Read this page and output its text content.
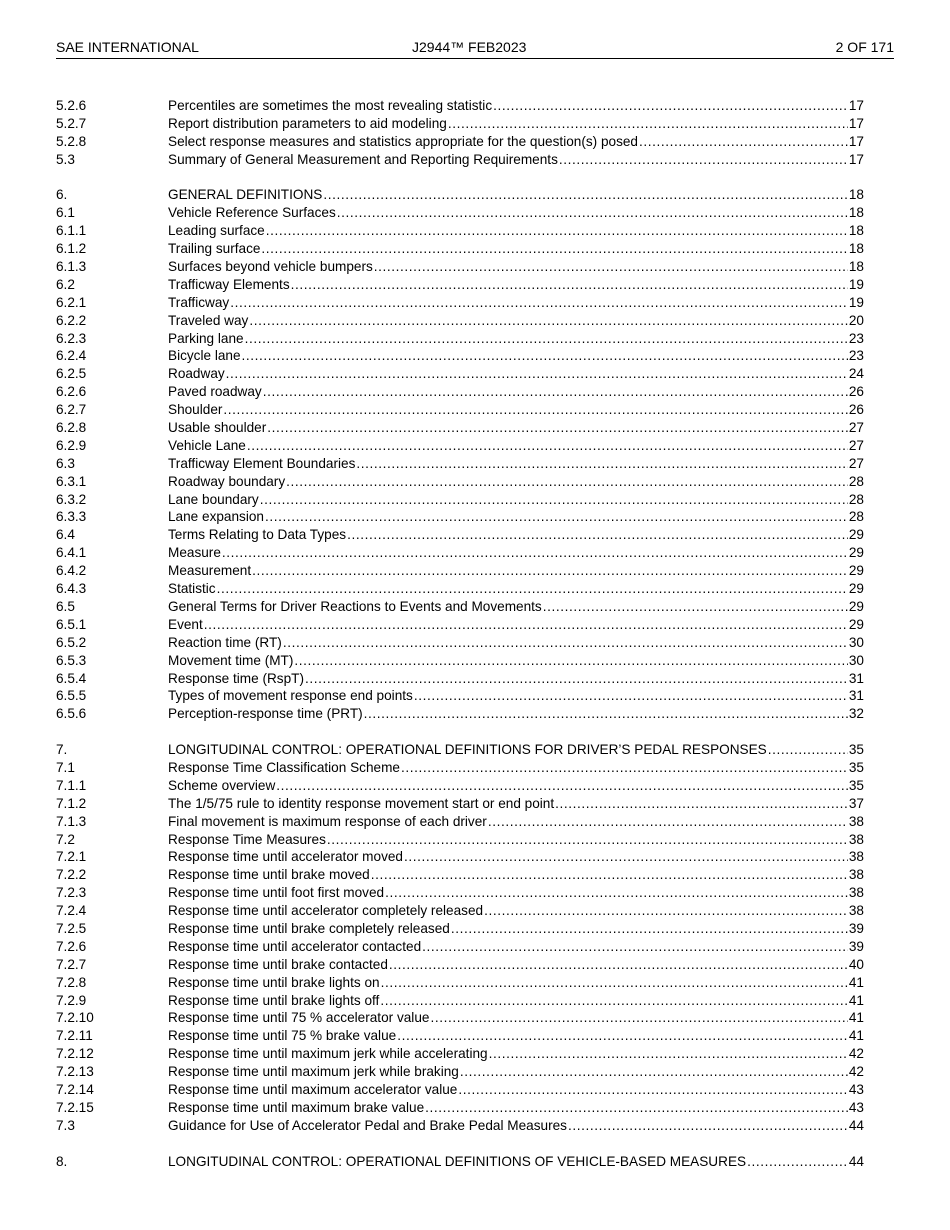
SAE INTERNATIONAL	J2944™ FEB2023	2 OF 171
5.2.6	Percentiles are sometimes the most revealing statistic .....	17
5.2.7	Report distribution parameters to aid modeling .....	17
5.2.8	Select response measures and statistics appropriate for the question(s) posed .....	17
5.3	Summary of General Measurement and Reporting Requirements .....	17
6.	GENERAL DEFINITIONS .....	18
6.1	Vehicle Reference Surfaces .....	18
6.1.1	Leading surface .....	18
6.1.2	Trailing surface .....	18
6.1.3	Surfaces beyond vehicle bumpers .....	18
6.2	Trafficway Elements .....	19
6.2.1	Trafficway .....	19
6.2.2	Traveled way .....	20
6.2.3	Parking lane .....	23
6.2.4	Bicycle lane .....	23
6.2.5	Roadway .....	24
6.2.6	Paved roadway .....	26
6.2.7	Shoulder .....	26
6.2.8	Usable shoulder .....	27
6.2.9	Vehicle Lane .....	27
6.3	Trafficway Element Boundaries .....	27
6.3.1	Roadway boundary .....	28
6.3.2	Lane boundary .....	28
6.3.3	Lane expansion .....	28
6.4	Terms Relating to Data Types .....	29
6.4.1	Measure .....	29
6.4.2	Measurement .....	29
6.4.3	Statistic .....	29
6.5	General Terms for Driver Reactions to Events and Movements .....	29
6.5.1	Event .....	29
6.5.2	Reaction time (RT) .....	30
6.5.3	Movement time (MT) .....	30
6.5.4	Response time (RspT) .....	31
6.5.5	Types of movement response end points .....	31
6.5.6	Perception-response time (PRT) .....	32
7.	LONGITUDINAL CONTROL: OPERATIONAL DEFINITIONS FOR DRIVER’S PEDAL RESPONSES .....	35
7.1	Response Time Classification Scheme .....	35
7.1.1	Scheme overview .....	35
7.1.2	The 1/5/75 rule to identity response movement start or end point .....	37
7.1.3	Final movement is maximum response of each driver .....	38
7.2	Response Time Measures .....	38
7.2.1	Response time until accelerator moved .....	38
7.2.2	Response time until brake moved .....	38
7.2.3	Response time until foot first moved .....	38
7.2.4	Response time until accelerator completely released .....	38
7.2.5	Response time until brake completely released .....	39
7.2.6	Response time until accelerator contacted .....	39
7.2.7	Response time until brake contacted .....	40
7.2.8	Response time until brake lights on .....	41
7.2.9	Response time until brake lights off .....	41
7.2.10	Response time until 75 % accelerator value .....	41
7.2.11	Response time until 75 % brake value .....	41
7.2.12	Response time until maximum jerk while accelerating .....	42
7.2.13	Response time until maximum jerk while braking .....	42
7.2.14	Response time until maximum accelerator value .....	43
7.2.15	Response time until maximum brake value .....	43
7.3	Guidance for Use of Accelerator Pedal and Brake Pedal Measures .....	44
8.	LONGITUDINAL CONTROL: OPERATIONAL DEFINITIONS OF VEHICLE-BASED MEASURES .....	44
